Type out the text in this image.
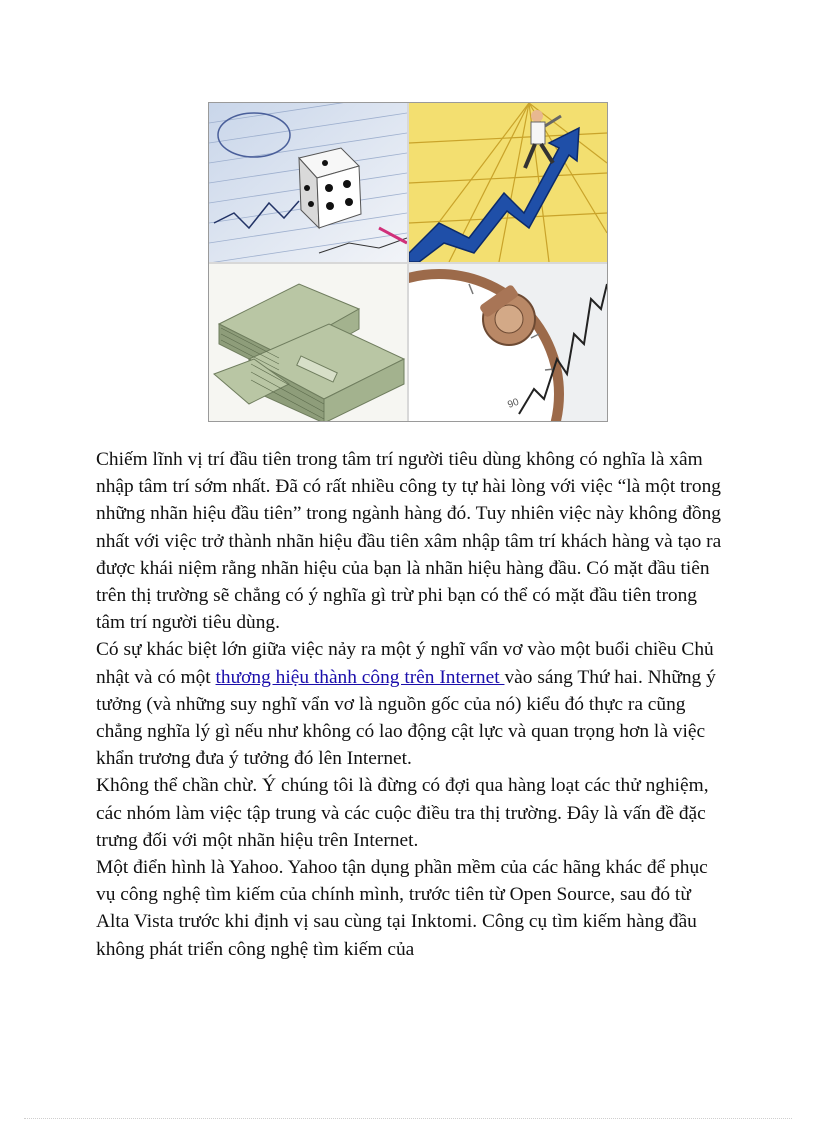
90

Chiếm lĩnh vị trí đầu tiên trong tâm trí người tiêu dùng không có nghĩa là xâm nhập tâm trí sớm nhất. Đã có rất nhiều công ty tự hài lòng với việc “là một trong những nhãn hiệu đầu tiên” trong ngành hàng đó. Tuy nhiên việc này không đồng nhất với việc trở thành nhãn hiệu đầu tiên xâm nhập tâm trí khách hàng và tạo ra được khái niệm rằng nhãn hiệu của bạn là nhãn hiệu hàng đầu. Có mặt đầu tiên trên thị trường sẽ chẳng có ý nghĩa gì trừ phi bạn có thể có mặt đầu tiên trong tâm trí người tiêu dùng.

Có sự khác biệt lớn giữa việc nảy ra một ý nghĩ vẩn vơ vào một buổi chiều Chủ nhật và có một thương hiệu thành công trên Internet vào sáng Thứ hai. Những ý tưởng (và những suy nghĩ vẩn vơ là nguồn gốc của nó) kiểu đó thực ra cũng chẳng nghĩa lý gì nếu như không có lao động cật lực và quan trọng hơn là việc khẩn trương đưa ý tưởng đó lên Internet.

Không thể chần chừ. Ý chúng tôi là đừng có đợi qua hàng loạt các thử nghiệm, các nhóm làm việc tập trung và các cuộc điều tra thị trường. Đây là vấn đề đặc trưng đối với một nhãn hiệu trên Internet.

Một điển hình là Yahoo. Yahoo tận dụng phần mềm của các hãng khác để phục vụ công nghệ tìm kiếm của chính mình, trước tiên từ Open Source, sau đó từ Alta Vista trước khi định vị sau cùng tại Inktomi. Công cụ tìm kiếm hàng đầu không phát triển công nghệ tìm kiếm của
